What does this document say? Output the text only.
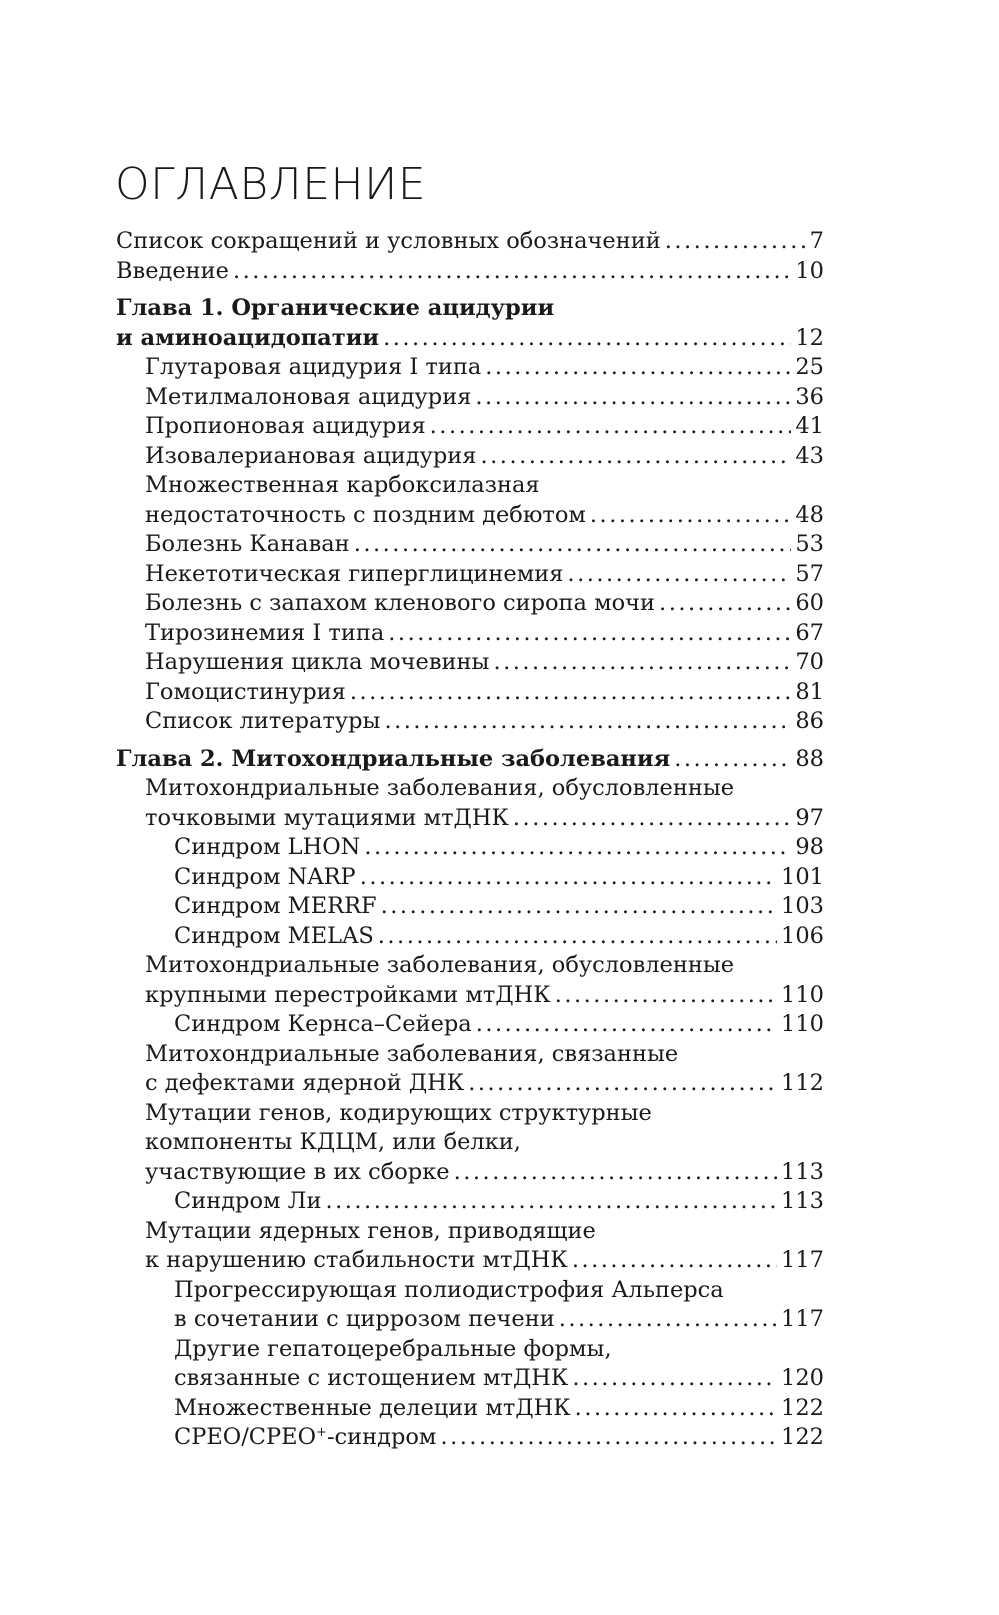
ОГЛАВЛЕНИЕ
Список сокращений и условных обозначений .....	7
Введение .....	10
Глава 1. Органические ацидурии
и аминоацидопатии .....	12
Глутаровая ацидурия I типа .....	25
Метилмалоновая ацидурия .....	36
Пропионовая ацидурия .....	41
Изовалериановая ацидурия .....	43
Множественная карбоксилазная
недостаточность с поздним дебютом .....	48
Болезнь Канаван .....	53
Некетотическая гиперглицинемия .....	57
Болезнь с запахом кленового сиропа мочи .....	60
Тирозинемия I типа .....	67
Нарушения цикла мочевины .....	70
Гомоцистинурия .....	81
Список литературы .....	86
Глава 2. Митохондриальные заболевания .....	88
Митохондриальные заболевания, обусловленные
точковыми мутациями мтДНК .....	97
Синдром LHON .....	98
Синдром NARP .....	101
Синдром MERRF .....	103
Синдром MELAS .....	106
Митохондриальные заболевания, обусловленные
крупными перестройками мтДНК .....	110
Синдром Кернса–Сейера .....	110
Митохондриальные заболевания, связанные
с дефектами ядерной ДНК .....	112
Мутации генов, кодирующих структурные
компоненты КДЦМ, или белки,
участвующие в их сборке .....	113
Синдром Ли .....	113
Мутации ядерных генов, приводящие
к нарушению стабильности мтДНК .....	117
Прогрессирующая полиодистрофия Альперса
в сочетании с циррозом печени .....	117
Другие гепатоцеребральные формы,
связанные с истощением мтДНК .....	120
Множественные делеции мтДНК .....	122
СРЕО/СРЕО+-синдром .....	122
